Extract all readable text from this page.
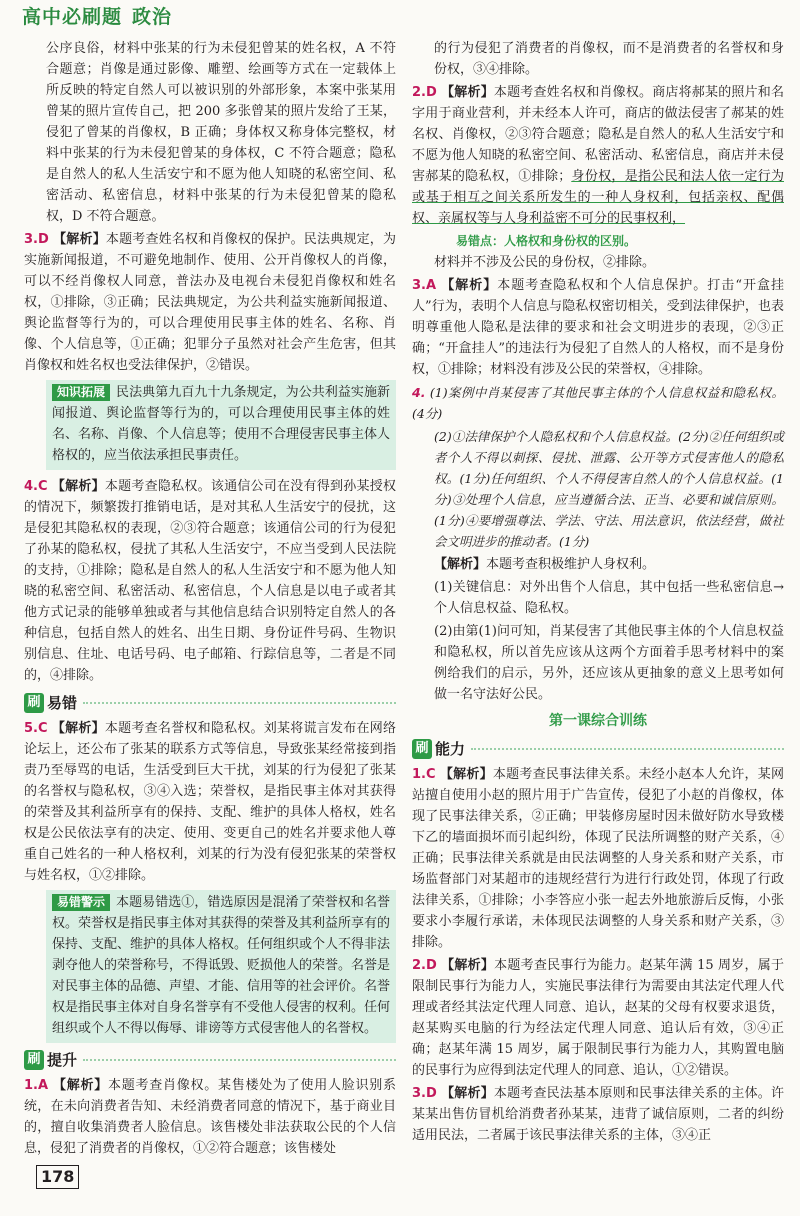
高中必刷题 政治

公序良俗，材料中张某的行为未侵犯曾某的姓名权，A 不符合题意；肖像是通过影像、雕塑、绘画等方式在一定载体上所反映的特定自然人可以被识别的外部形象，本案中张某用曾某的照片宣传自己，把 200 多张曾某的照片发给了王某，侵犯了曾某的肖像权，B 正确；身体权又称身体完整权，材料中张某的行为未侵犯曾某的身体权，C 不符合题意；隐私是自然人的私人生活安宁和不愿为他人知晓的私密空间、私密活动、私密信息，材料中张某的行为未侵犯曾某的隐私权，D 不符合题意。

3.D 【解析】本题考查姓名权和肖像权的保护。民法典规定，为实施新闻报道，不可避免地制作、使用、公开肖像权人的肖像，可以不经肖像权人同意，普法办及电视台未侵犯肖像权和姓名权，①排除，③正确；民法典规定，为公共利益实施新闻报道、舆论监督等行为的，可以合理使用民事主体的姓名、名称、肖像、个人信息等，①正确；犯罪分子虽然对社会产生危害，但其肖像权和姓名权也受法律保护，②错误。

知识拓展 民法典第九百九十九条规定，为公共利益实施新闻报道、舆论监督等行为的，可以合理使用民事主体的姓名、名称、肖像、个人信息等；使用不合理侵害民事主体人格权的，应当依法承担民事责任。

4.C 【解析】本题考查隐私权。该通信公司在没有得到孙某授权的情况下，频繁拨打推销电话，是对其私人生活安宁的侵扰，这是侵犯其隐私权的表现，②③符合题意；该通信公司的行为侵犯了孙某的隐私权，侵扰了其私人生活安宁，不应当受到人民法院的支持，①排除；隐私是自然人的私人生活安宁和不愿为他人知晓的私密空间、私密活动、私密信息，个人信息是以电子或者其他方式记录的能够单独或者与其他信息结合识别特定自然人的各种信息，包括自然人的姓名、出生日期、身份证件号码、生物识别信息、住址、电话号码、电子邮箱、行踪信息等，二者是不同的，④排除。

刷 易错

5.C 【解析】本题考查名誉权和隐私权。刘某将谎言发布在网络论坛上，还公布了张某的联系方式等信息，导致张某经常接到指责乃至辱骂的电话，生活受到巨大干扰，刘某的行为侵犯了张某的名誉权与隐私权，③④入选；荣誉权，是指民事主体对其获得的荣誉及其利益所享有的保持、支配、维护的具体人格权，姓名权是公民依法享有的决定、使用、变更自己的姓名并要求他人尊重自己姓名的一种人格权利，刘某的行为没有侵犯张某的荣誉权与姓名权，①②排除。

易错警示 本题易错选①，错选原因是混淆了荣誉权和名誉权。荣誉权是指民事主体对其获得的荣誉及其利益所享有的保持、支配、维护的具体人格权。任何组织或个人不得非法剥夺他人的荣誉称号，不得诋毁、贬损他人的荣誉。名誉是对民事主体的品德、声望、才能、信用等的社会评价。名誉权是指民事主体对自身名誉享有不受他人侵害的权利。任何组织或个人不得以侮辱、诽谤等方式侵害他人的名誉权。
刷 提升

1.A 【解析】本题考查肖像权。某售楼处为了使用人脸识别系统，在未向消费者告知、未经消费者同意的情况下，基于商业目的，擅自收集消费者人脸信息。该售楼处非法获取公民的个人信息，侵犯了消费者的肖像权，①②符合题意；该售楼处

的行为侵犯了消费者的肖像权，而不是消费者的名誉权和身份权，③④排除。

2.D 【解析】本题考查姓名权和肖像权。商店将郝某的照片和名字用于商业营利，并未经本人许可，商店的做法侵害了郝某的姓名权、肖像权，②③符合题意；隐私是自然人的私人生活安宁和不愿为他人知晓的私密空间、私密活动、私密信息，商店并未侵害郝某的隐私权，①排除；身份权，是指公民和法人依一定行为或基于相互之间关系所发生的一种人身权利，包括亲权、配偶权、亲属权等与人身利益密不可分的民事权利，

易错点：人格权和身份权的区别。

材料并不涉及公民的身份权，②排除。

3.A 【解析】本题考查隐私权和个人信息保护。打击“开盒挂人”行为，表明个人信息与隐私权密切相关，受到法律保护，也表明尊重他人隐私是法律的要求和社会文明进步的表现，②③正确；“开盒挂人”的违法行为侵犯了自然人的人格权，而不是身份权，①排除；材料没有涉及公民的荣誉权，④排除。

4. (1)案例中肖某侵害了其他民事主体的个人信息权益和隐私权。(4分)

(2)①法律保护个人隐私权和个人信息权益。(2分)②任何组织或者个人不得以刺探、侵扰、泄露、公开等方式侵害他人的隐私权。(1分)任何组织、个人不得侵害自然人的个人信息权益。(1分)③处理个人信息，应当遵循合法、正当、必要和诚信原则。(1分)④要增强尊法、学法、守法、用法意识，依法经营，做社会文明进步的推动者。(1分)

【解析】本题考查积极维护人身权利。

(1)关键信息：对外出售个人信息，其中包括一些私密信息→个人信息权益、隐私权。

(2)由第(1)问可知，肖某侵害了其他民事主体的个人信息权益和隐私权，所以首先应该从这两个方面着手思考材料中的案例给我们的启示，另外，还应该从更抽象的意义上思考如何做一名守法好公民。

第一课综合训练
刷 能力

1.C 【解析】本题考查民事法律关系。未经小赵本人允许，某网站擅自使用小赵的照片用于广告宣传，侵犯了小赵的肖像权，体现了民事法律关系，②正确；甲装修房屋时因未做好防水导致楼下乙的墙面损坏而引起纠纷，体现了民法所调整的财产关系，④正确；民事法律关系就是由民法调整的人身关系和财产关系，市场监督部门对某超市的违规经营行为进行行政处罚，体现了行政法律关系，①排除；小李答应小张一起去外地旅游后反悔，小张要求小李履行承诺，未体现民法调整的人身关系和财产关系，③排除。

2.D 【解析】本题考查民事行为能力。赵某年满 15 周岁，属于限制民事行为能力人，实施民事法律行为需要由其法定代理人代理或者经其法定代理人同意、追认，赵某的父母有权要求退货，赵某购买电脑的行为经法定代理人同意、追认后有效，③④正确；赵某年满 15 周岁，属于限制民事行为能力人，其购置电脑的民事行为应得到法定代理人的同意、追认，①②错误。

3.D 【解析】本题考查民法基本原则和民事法律关系的主体。许某某出售仿冒机给消费者孙某某，违背了诚信原则，二者的纠纷适用民法，二者属于该民事法律关系的主体，③④正

178
